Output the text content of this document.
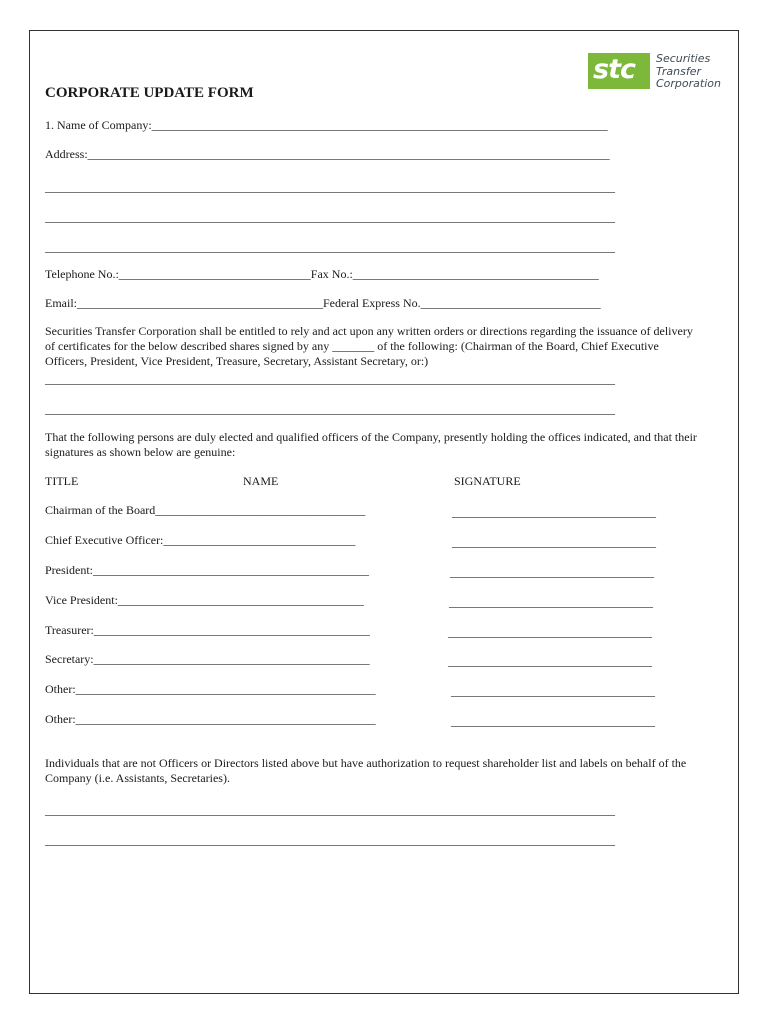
stc Securities
Transfer
Corporation
CORPORATE UPDATE FORM
1. Name of Company:____________________________________________________________________________
Address:_______________________________________________________________________________________
_______________________________________________________________________________________________
_______________________________________________________________________________________________
_______________________________________________________________________________________________
Telephone No.:________________________________Fax No.:_________________________________________
Email:_________________________________________Federal Express No.______________________________
Securities Transfer Corporation shall be entitled to rely and act upon any written orders or directions regarding the issuance of delivery of certificates for the below described shares signed by any _______ of the following: (Chairman of the Board, Chief Executive Officers, President, Vice President, Treasure, Secretary, Assistant Secretary, or:)
_______________________________________________________________________________________________
_______________________________________________________________________________________________
That the following persons are duly elected and qualified officers of the Company, presently holding the offices indicated, and that their signatures as shown below are genuine:
TITLE	NAME	SIGNATURE
Chairman of the Board___________________________________	__________________________________
Chief Executive Officer:________________________________	__________________________________
President:______________________________________________	__________________________________
Vice President:_________________________________________	__________________________________
Treasurer:______________________________________________	__________________________________
Secretary:______________________________________________	__________________________________
Other:__________________________________________________	__________________________________
Other:__________________________________________________	__________________________________
Individuals that are not Officers or Directors listed above but have authorization to request shareholder list and labels on behalf of the Company (i.e. Assistants, Secretaries).
_______________________________________________________________________________________________
_______________________________________________________________________________________________
